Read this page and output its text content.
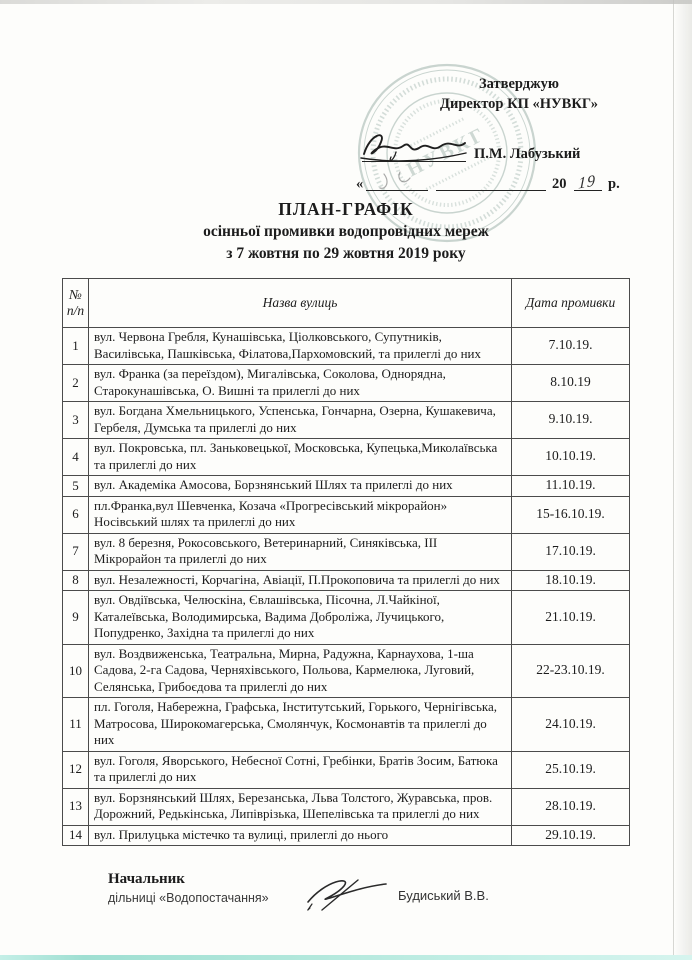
НУВКГ
Затверджую
Директор КП «НУВКГ»
П.М. Лабузький
«	20 19 р.
ПЛАН-ГРАФІК
осінньої промивки водопровідних мереж
з 7 жовтня по 29 жовтня 2019 року
№ п/п	Назва вулиць	Дата промивки
1	вул. Червона Гребля, Кунашівська, Ціолковського, Супутників, Василівська, Пашківська, Філатова,Пархомовский, та прилеглі до них	7.10.19.
2	вул. Франка (за переїздом), Мигалівська, Соколова, Однорядна, Старокунашівська, О. Вишні та прилеглі до них	8.10.19
3	вул. Богдана Хмельницького, Успенська, Гончарна, Озерна, Кушакевича, Гербеля, Думська та прилеглі до них	9.10.19.
4	вул. Покровська, пл. Заньковецької, Московська, Купецька,Миколаївська та прилеглі до них	10.10.19.
5	вул. Академіка Амосова, Борзнянський Шлях та прилеглі до них	11.10.19.
6	пл.Франка,вул Шевченка, Козача «Прогресівський мікрорайон» Носівський шлях та прилеглі до них	15-16.10.19.
7	вул. 8 березня, Рокосовського, Ветеринарний, Синяківська, ІІІ Мікрорайон та прилеглі до них	17.10.19.
8	вул. Незалежності, Корчагіна, Авіації, П.Прокоповича та прилеглі до них	18.10.19.
9	вул. Овдіївська, Челюскіна, Євлашівська, Пісочна, Л.Чайкіної, Каталеївська, Володимирська, Вадима Доброліжа, Лучицького, Попудренко, Західна та прилеглі до них	21.10.19.
10	вул. Воздвиженська, Театральна, Мирна, Радужна, Карнаухова, 1-ша Садова, 2-га Садова, Черняхівського, Польова, Кармелюка, Луговий, Селянська, Грибоєдова та прилеглі до них	22-23.10.19.
11	пл. Гоголя, Набережна, Графська, Інститутський, Горького, Чернігівська, Матросова, Широкомагерська, Смолянчук, Космонавтів та прилеглі до них	24.10.19.
12	вул. Гоголя, Яворського, Небесної Сотні, Гребінки, Братів Зосим, Батюка та прилеглі до них	25.10.19.
13	вул. Борзнянський Шлях, Березанська, Льва Толстого, Журавська, пров. Дорожний, Редькінська, Липіврізька, Шепелівська та прилеглі до них	28.10.19.
14	вул. Прилуцька містечко та вулиці, прилеглі до нього	29.10.19.
Начальник
дільниці «Водопостачання»	Будиський В.В.
